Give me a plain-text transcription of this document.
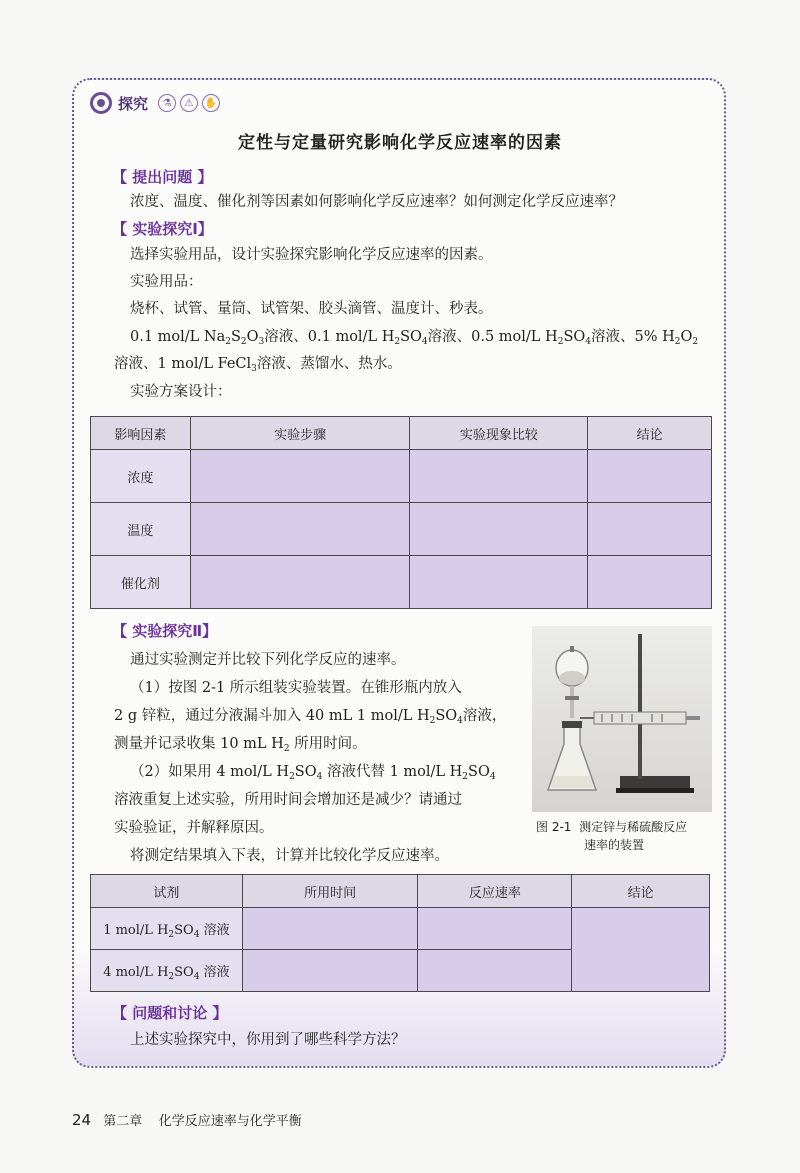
探究	⚗	⚠	✋
定性与定量研究影响化学反应速率的因素
【 提出问题 】
浓度、温度、催化剂等因素如何影响化学反应速率？如何测定化学反应速率？
【 实验探究Ⅰ】
选择实验用品，设计实验探究影响化学反应速率的因素。
实验用品：
烧杯、试管、量筒、试管架、胶头滴管、温度计、秒表。
0.1 mol/L $Na_2S_2O_3$溶液、0.1 mol/L $H_2SO_4$溶液、0.5 mol/L $H_2SO_4$溶液、5% $H_2O_2$
溶液、1 mol/L FeCl$_3$溶液、蒸馏水、热水。
实验方案设计：
影响因素	实验步骤	实验现象比较	结论
浓度			
温度			
催化剂			
【 实验探究Ⅱ】
通过实验测定并比较下列化学反应的速率。
（1）按图 2-1 所示组装实验装置。在锥形瓶内放入
2 g 锌粒，通过分液漏斗加入 40 mL 1 mol/L $H_2SO_4$溶液，
测量并记录收集 10 mL $H_2$ 所用时间。
（2）如果用 4 mol/L $H_2SO_4$ 溶液代替 1 mol/L $H_2SO_4$
溶液重复上述实验，所用时间会增加还是减少？请通过
实验验证，并解释原因。
将测定结果填入下表，计算并比较化学反应速率。
图 2-1 测定锌与稀硫酸反应
速率的装置
试剂	所用时间	反应速率	结论
1 mol/L $H_2SO_4$ 溶液			
4 mol/L $H_2SO_4$ 溶液			
【 问题和讨论 】
上述实验探究中，你用到了哪些科学方法？
24 第二章 化学反应速率与化学平衡
